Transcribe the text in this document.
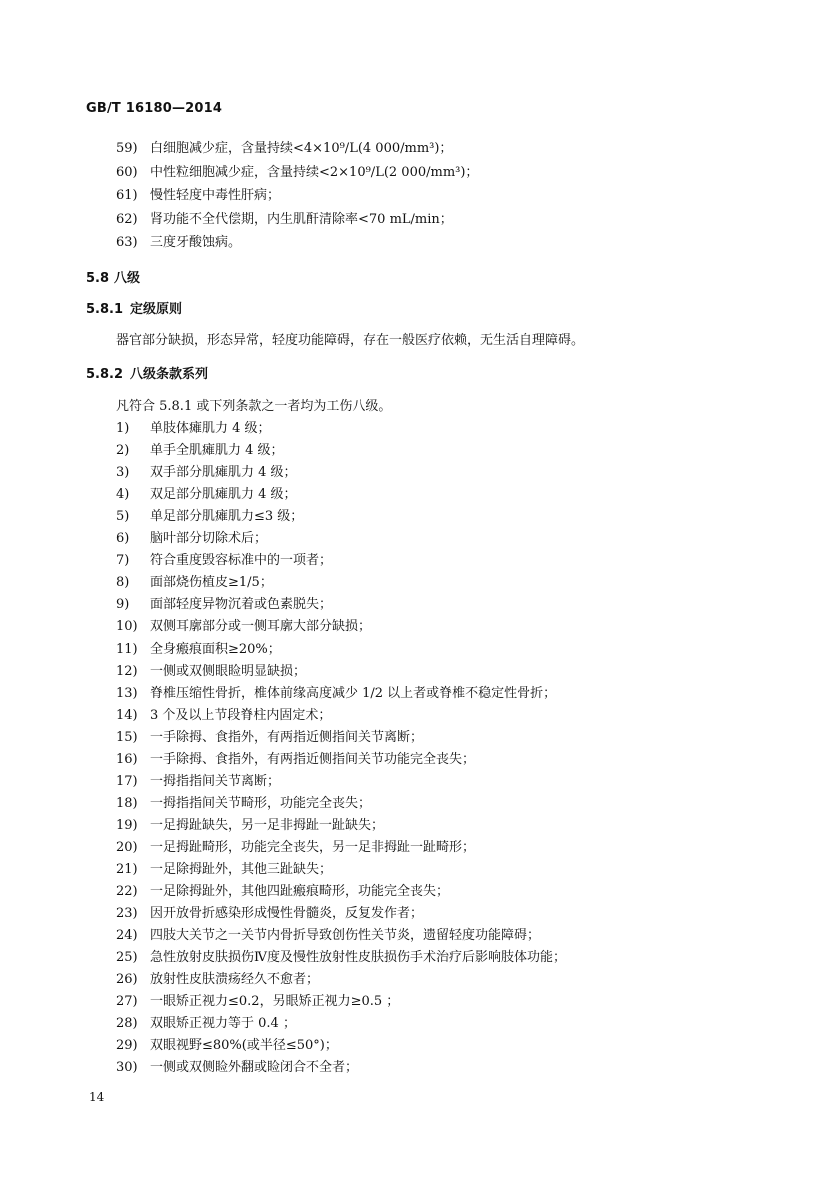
GB/T 16180—2014
59) 白细胞减少症，含量持续<4×10⁹/L(4 000/mm³)；
60) 中性粒细胞减少症，含量持续<2×10⁹/L(2 000/mm³)；
61) 慢性轻度中毒性肝病；
62) 肾功能不全代偿期，内生肌酐清除率<70 mL/min；
63) 三度牙酸蚀病。
5.8 八级
5.8.1 定级原则
器官部分缺损，形态异常，轻度功能障碍，存在一般医疗依赖，无生活自理障碍。
5.8.2 八级条款系列
凡符合 5.8.1 或下列条款之一者均为工伤八级。
1) 单肢体瘫肌力 4 级；
2) 单手全肌瘫肌力 4 级；
3) 双手部分肌瘫肌力 4 级；
4) 双足部分肌瘫肌力 4 级；
5) 单足部分肌瘫肌力≤3 级；
6) 脑叶部分切除术后；
7) 符合重度毁容标准中的一项者；
8) 面部烧伤植皮≥1/5；
9) 面部轻度异物沉着或色素脱失；
10) 双侧耳廓部分或一侧耳廓大部分缺损；
11) 全身瘢痕面积≥20%；
12) 一侧或双侧眼睑明显缺损；
13) 脊椎压缩性骨折，椎体前缘高度减少 1/2 以上者或脊椎不稳定性骨折；
14) 3 个及以上节段脊柱内固定术；
15) 一手除拇、食指外，有两指近侧指间关节离断；
16) 一手除拇、食指外，有两指近侧指间关节功能完全丧失；
17) 一拇指指间关节离断；
18) 一拇指指间关节畸形，功能完全丧失；
19) 一足拇趾缺失，另一足非拇趾一趾缺失；
20) 一足拇趾畸形，功能完全丧失，另一足非拇趾一趾畸形；
21) 一足除拇趾外，其他三趾缺失；
22) 一足除拇趾外，其他四趾瘢痕畸形，功能完全丧失；
23) 因开放骨折感染形成慢性骨髓炎，反复发作者；
24) 四肢大关节之一关节内骨折导致创伤性关节炎，遗留轻度功能障碍；
25) 急性放射皮肤损伤Ⅳ度及慢性放射性皮肤损伤手术治疗后影响肢体功能；
26) 放射性皮肤溃疡经久不愈者；
27) 一眼矫正视力≤0.2，另眼矫正视力≥0.5 ；
28) 双眼矫正视力等于 0.4 ；
29) 双眼视野≤80%(或半径≤50°)；
30) 一侧或双侧睑外翻或睑闭合不全者；
14
